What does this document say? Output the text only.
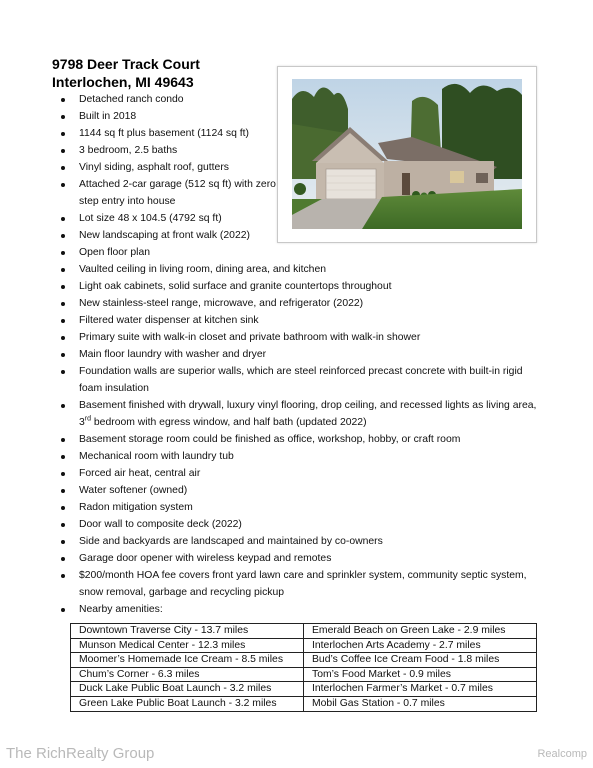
9798 Deer Track Court
Interlochen, MI 49643
Detached ranch condo
Built in 2018
1144 sq ft plus basement (1124 sq ft)
3 bedroom, 2.5 baths
Vinyl siding, asphalt roof, gutters
Attached 2-car garage (512 sq ft) with zero step entry into house
Lot size 48 x 104.5 (4792 sq ft)
New landscaping at front walk (2022)
Open floor plan
Vaulted ceiling in living room, dining area, and kitchen
Light oak cabinets, solid surface and granite countertops throughout
New stainless-steel range, microwave, and refrigerator (2022)
Filtered water dispenser at kitchen sink
Primary suite with walk-in closet and private bathroom with walk-in shower
Main floor laundry with washer and dryer
Foundation walls are superior walls, which are steel reinforced precast concrete with built-in rigid foam insulation
Basement finished with drywall, luxury vinyl flooring, drop ceiling, and recessed lights as living area, 3rd bedroom with egress window, and half bath (updated 2022)
Basement storage room could be finished as office, workshop, hobby, or craft room
Mechanical room with laundry tub
Forced air heat, central air
Water softener (owned)
Radon mitigation system
Door wall to composite deck (2022)
Side and backyards are landscaped and maintained by co-owners
Garage door opener with wireless keypad and remotes
$200/month HOA fee covers front yard lawn care and sprinkler system, community septic system, snow removal, garbage and recycling pickup
Nearby amenities:
Downtown Traverse City - 13.7 miles	Emerald Beach on Green Lake - 2.9 miles
Munson Medical Center - 12.3 miles	Interlochen Arts Academy - 2.7 miles
Moomer’s Homemade Ice Cream - 8.5 miles	Bud’s Coffee Ice Cream Food - 1.8 miles
Chum’s Corner - 6.3 miles	Tom’s Food Market - 0.9 miles
Duck Lake Public Boat Launch - 3.2 miles	Interlochen Farmer’s Market - 0.7 miles
Green Lake Public Boat Launch - 3.2 miles	Mobil Gas Station - 0.7 miles
The RichRealty Group	Realcomp
